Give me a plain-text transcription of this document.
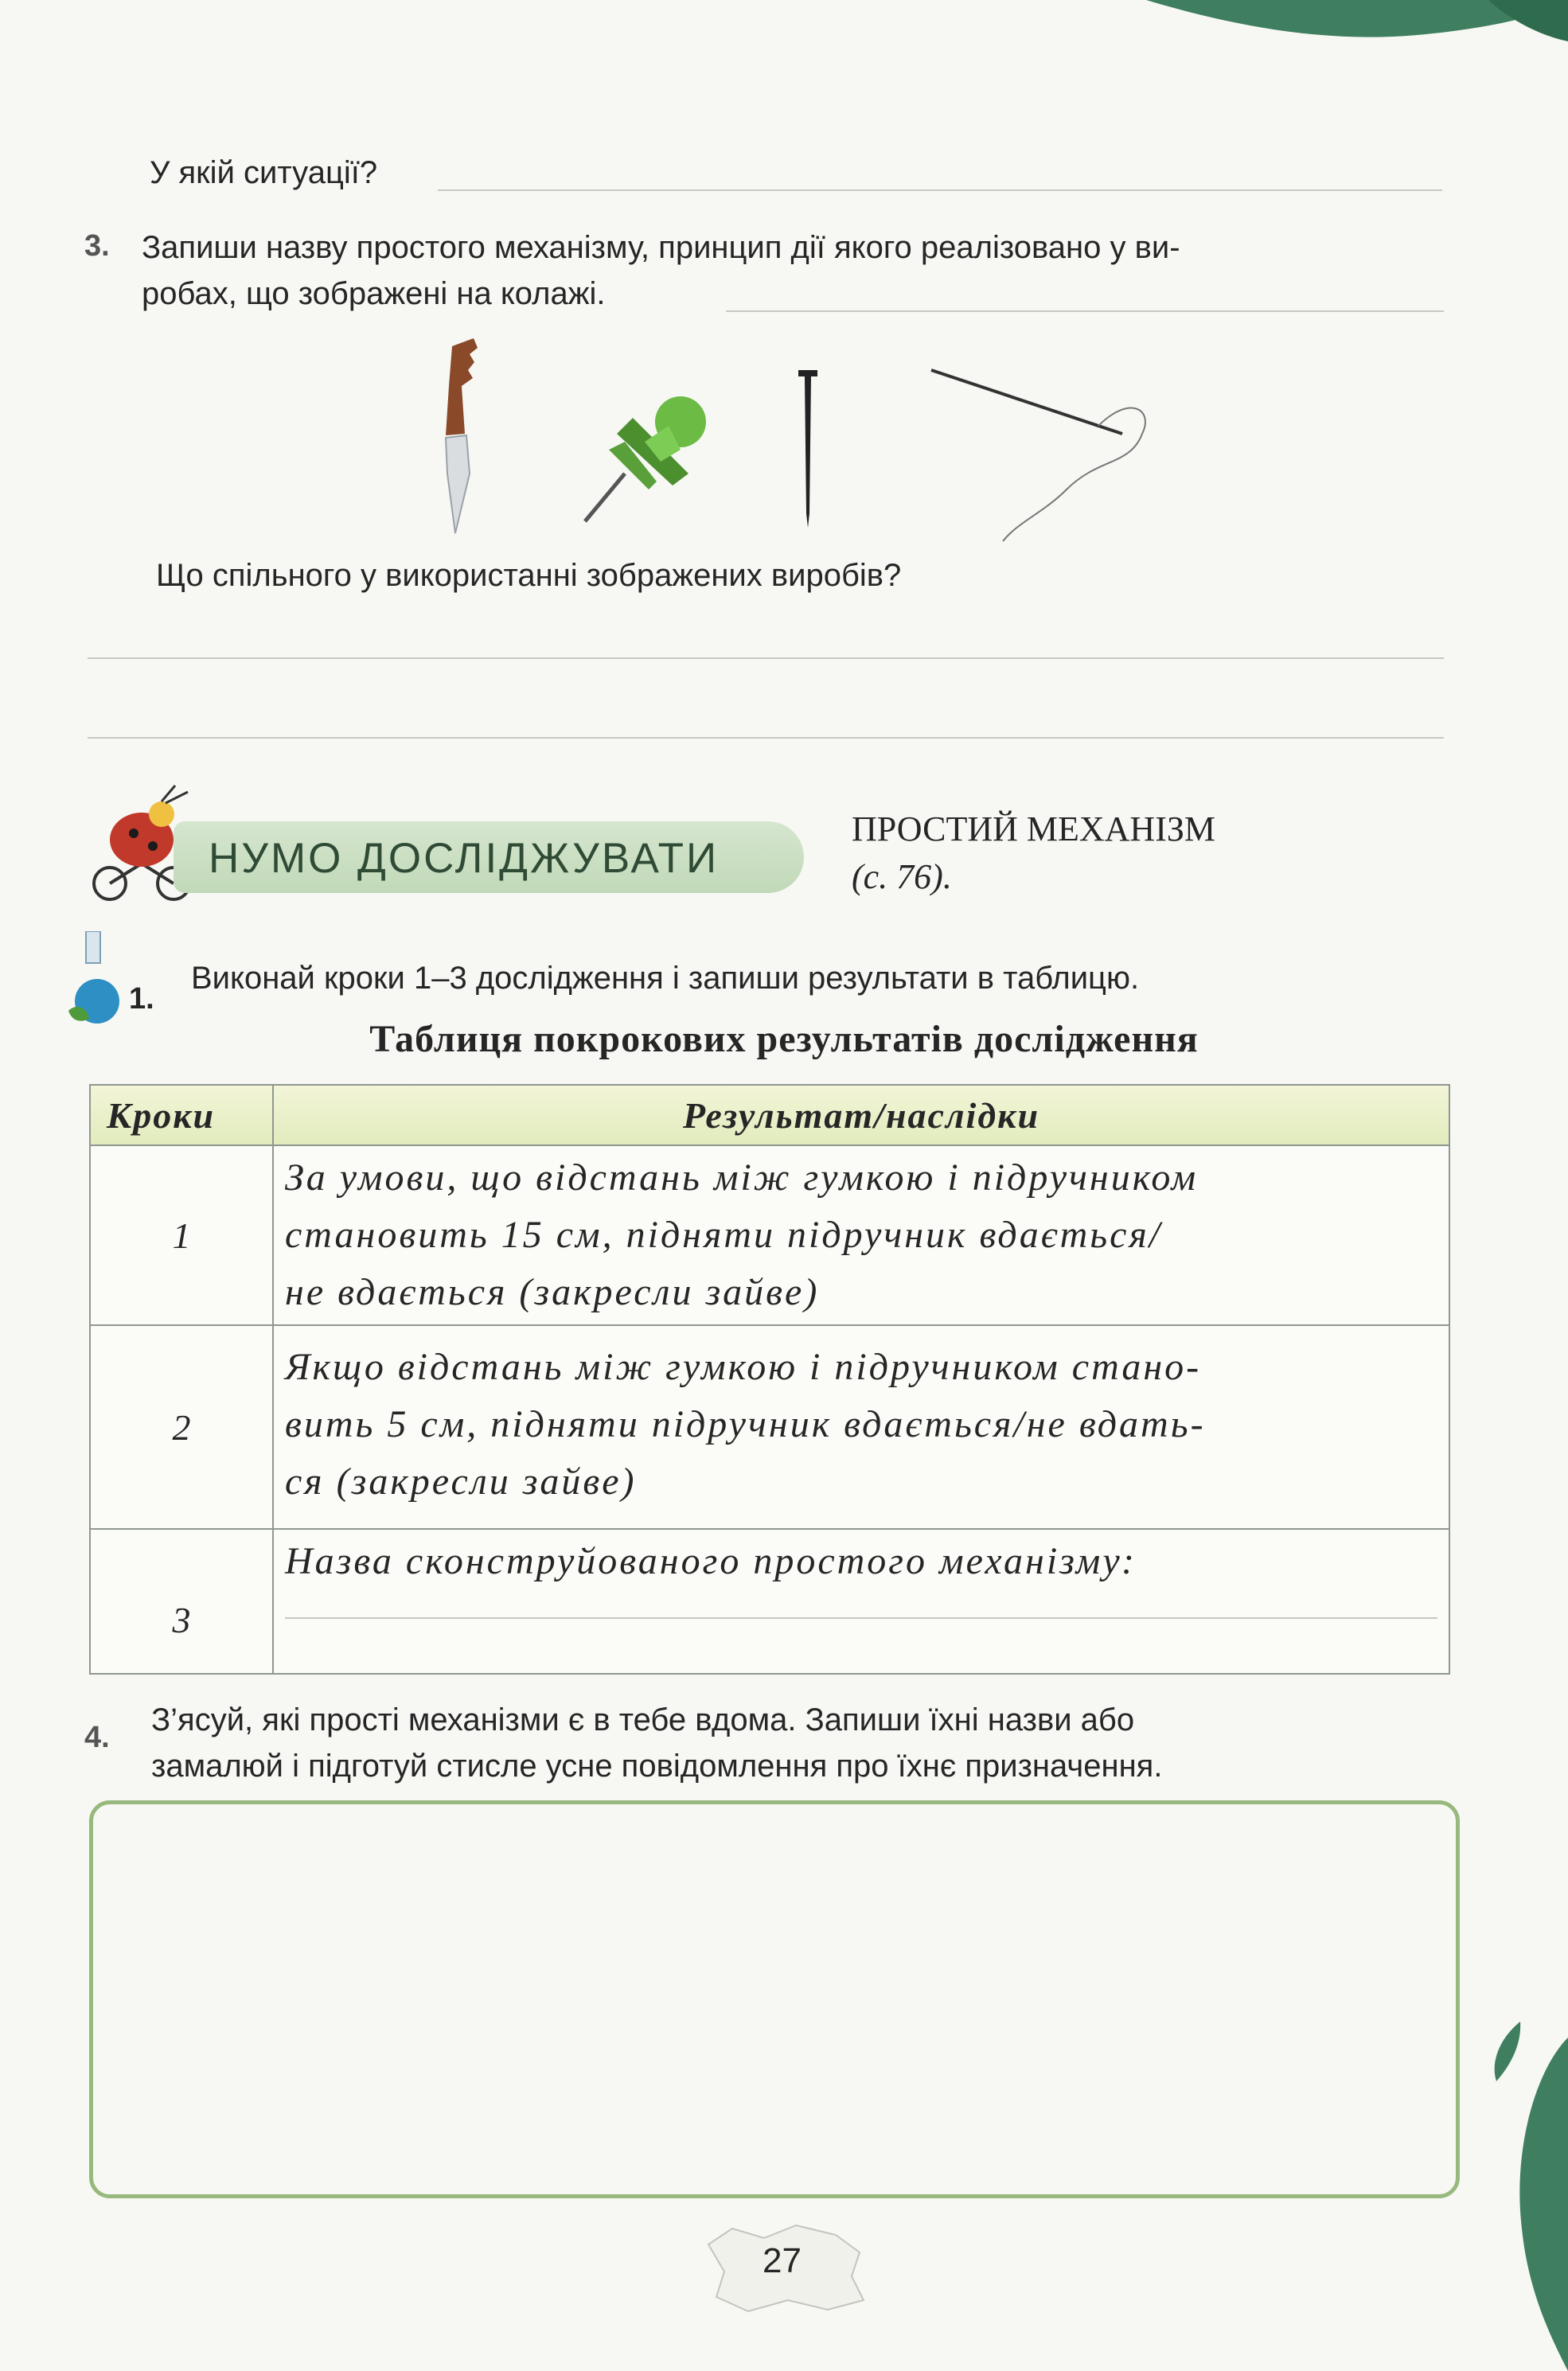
У якій ситуації?
3. Запиши назву простого механізму, принцип дії якого реалізовано у ви-
робах, що зображені на колажі.
Що спільного у використанні зображених виробів?
НУМО ДОСЛІДЖУВАТИ
ПРОСТИЙ МЕХАНІЗМ
(с. 76).
1.
Виконай кроки 1–3 дослідження і запиши результати в таблицю.
Таблиця покрокових результатів дослідження
Кроки	Результат/наслідки
1	За умови, що відстань між гумкою і підручником
становить 15 см, підняти підручник вдається/
не вдається (закресли зайве)

2	Якщо відстань між гумкою і підручником стано-
вить 5 см, підняти підручник вдається/не вдать-
ся (закресли зайве)

3	Назва сконструйованого простого механізму:
4. З’ясуй, які прості механізми є в тебе вдома. Запиши їхні назви або
замалюй і підготуй стисле усне повідомлення про їхнє призначення.
27
